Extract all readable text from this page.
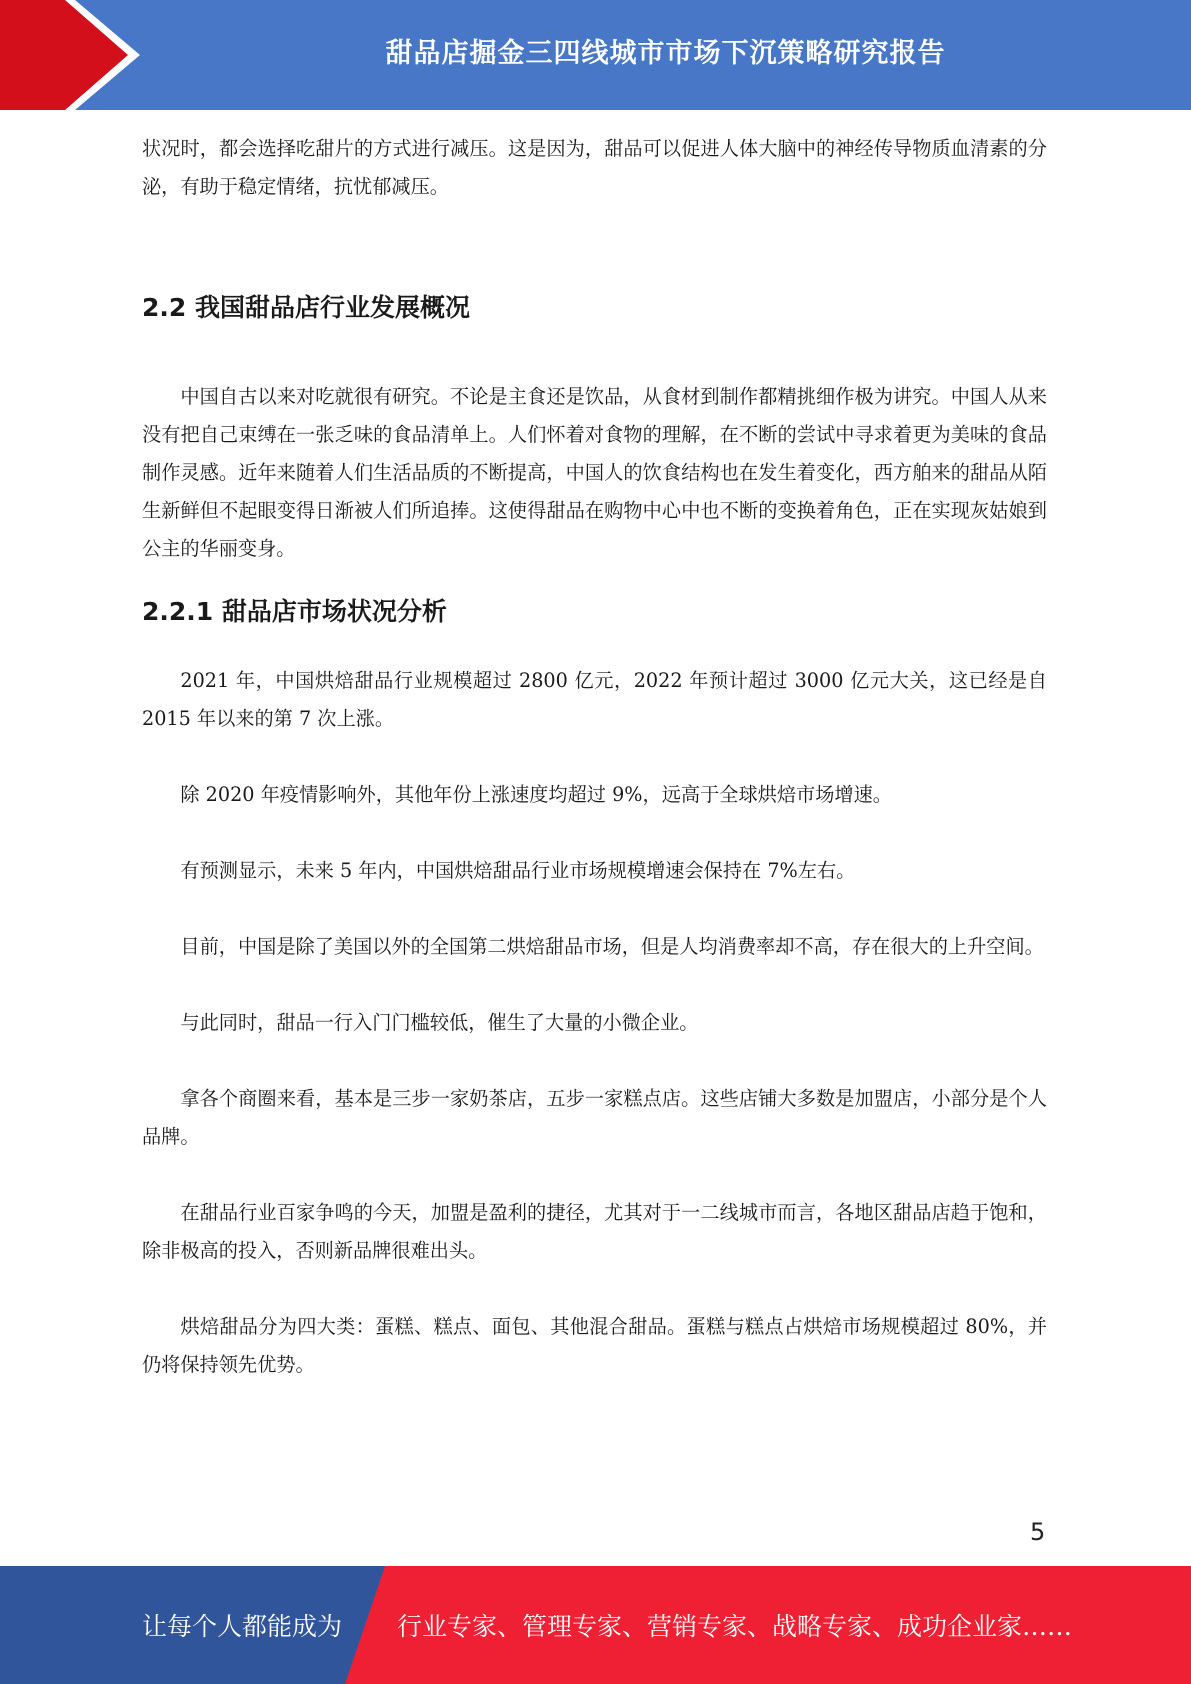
甜品店掘金三四线城市市场下沉策略研究报告

状况时，都会选择吃甜片的方式进行减压。这是因为，甜品可以促进人体大脑中的神经传导物质血清素的分泌，有助于稳定情绪，抗忧郁减压。

2.2 我国甜品店行业发展概况

中国自古以来对吃就很有研究。不论是主食还是饮品，从食材到制作都精挑细作极为讲究。中国人从来没有把自己束缚在一张乏味的食品清单上。人们怀着对食物的理解，在不断的尝试中寻求着更为美味的食品制作灵感。近年来随着人们生活品质的不断提高，中国人的饮食结构也在发生着变化，西方舶来的甜品从陌生新鲜但不起眼变得日渐被人们所追捧。这使得甜品在购物中心中也不断的变换着角色，正在实现灰姑娘到公主的华丽变身。

2.2.1 甜品店市场状况分析

2021 年，中国烘焙甜品行业规模超过 2800 亿元，2022 年预计超过 3000 亿元大关，这已经是自 2015 年以来的第 7 次上涨。

除 2020 年疫情影响外，其他年份上涨速度均超过 9%，远高于全球烘焙市场增速。

有预测显示，未来 5 年内，中国烘焙甜品行业市场规模增速会保持在 7%左右。

目前，中国是除了美国以外的全国第二烘焙甜品市场，但是人均消费率却不高，存在很大的上升空间。

与此同时，甜品一行入门门槛较低，催生了大量的小微企业。

拿各个商圈来看，基本是三步一家奶茶店，五步一家糕点店。这些店铺大多数是加盟店，小部分是个人品牌。

在甜品行业百家争鸣的今天，加盟是盈利的捷径，尤其对于一二线城市而言，各地区甜品店趋于饱和，除非极高的投入，否则新品牌很难出头。

烘焙甜品分为四大类：蛋糕、糕点、面包、其他混合甜品。蛋糕与糕点占烘焙市场规模超过 80%，并仍将保持领先优势。

5
让每个人都能成为 行业专家、管理专家、营销专家、战略专家、成功企业家……
